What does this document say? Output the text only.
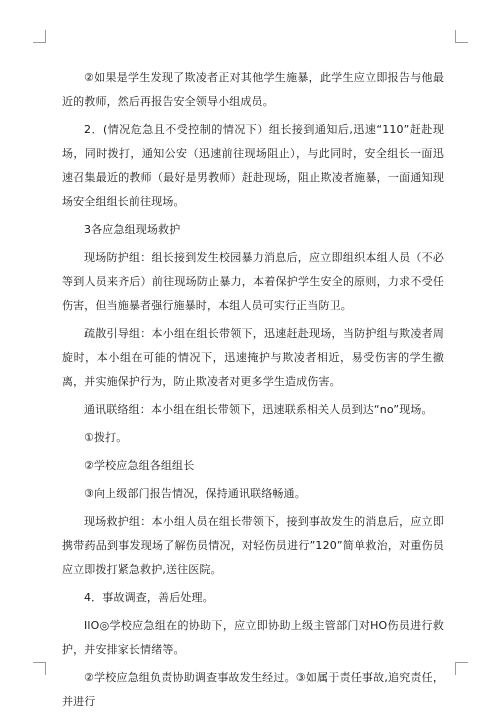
②如果是学生发现了欺凌者正对其他学生施暴，此学生应立即报告与他最近的教师，然后再报告安全领导小组成员。

2．(情况危急且不受控制的情况下）组长接到通知后,迅速“110”赶赴现场，同时拨打，通知公安（迅速前往现场阻止），与此同时，安全组长一面迅速召集最近的教师（最好是男教师）赶赴现场，阻止欺凌者施暴，一面通知现场安全组组长前往现场。

3各应急组现场救护

现场防护组：组长接到发生校园暴力消息后，应立即组织本组人员（不必等到人员来齐后）前往现场防止暴力，本着保护学生安全的原则，力求不受任伤害，但当施暴者强行施暴时，本组人员可实行正当防卫。

疏散引导组：本小组在组长带领下，迅速赶赴现场，当防护组与欺凌者周旋时，本小组在可能的情况下，迅速掩护与欺凌者相近，易受伤害的学生撤离，并实施保护行为，防止欺凌者对更多学生造成伤害。

通讯联络组：本小组在组长带领下，迅速联系相关人员到达“no”现场。

①拨打。

②学校应急组各组组长

③向上级部门报告情况，保持通讯联络畅通。

现场救护组：本小组人员在组长带领下，接到事故发生的消息后，应立即携带药品到事发现场了解伤员情况，对轻伤员进行”120”简单救治，对重伤员应立即拨打紧急救护,送往医院。

4．事故调查，善后处理。

IlO◎学校应急组在的协助下，应立即协助上级主管部门对HO伤员进行救护，并安排家长情绪等。

②学校应急组负责协助调查事故发生经过。③如属于责任事故,追究责任，并进行
